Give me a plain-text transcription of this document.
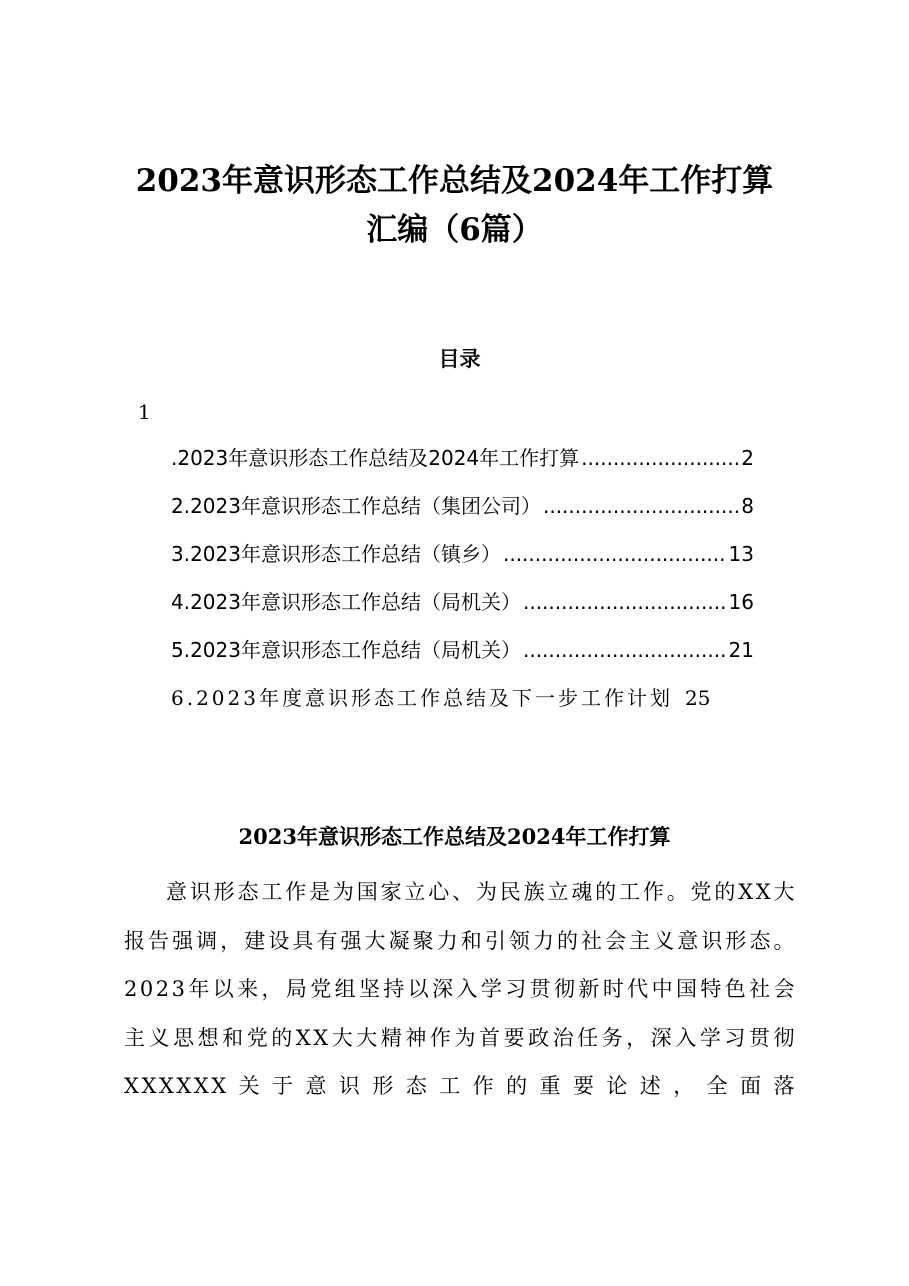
2023年意识形态工作总结及2024年工作打算
汇编（6篇）
目录

1

.2023年意识形态工作总结及2024年工作打算 .....	2
2.2023年意识形态工作总结（集团公司） .....	8
3.2023年意识形态工作总结（镇乡） .....	13
4.2023年意识形态工作总结（局机关） .....	16
5.2023年意识形态工作总结（局机关） .....	21
6.2023年度意识形态工作总结及下一步工作计划 25
2023年意识形态工作总结及2024年工作打算

意识形态工作是为国家立心、为民族立魂的工作。党的XX大报告强调，建设具有强大凝聚力和引领力的社会主义意识形态。2023年以来，局党组坚持以深入学习贯彻新时代中国特色社会主义思想和党的XX大大精神作为首要政治任务，深入学习贯彻XXXXXX关于意识形态工作的重要论述，全面落
